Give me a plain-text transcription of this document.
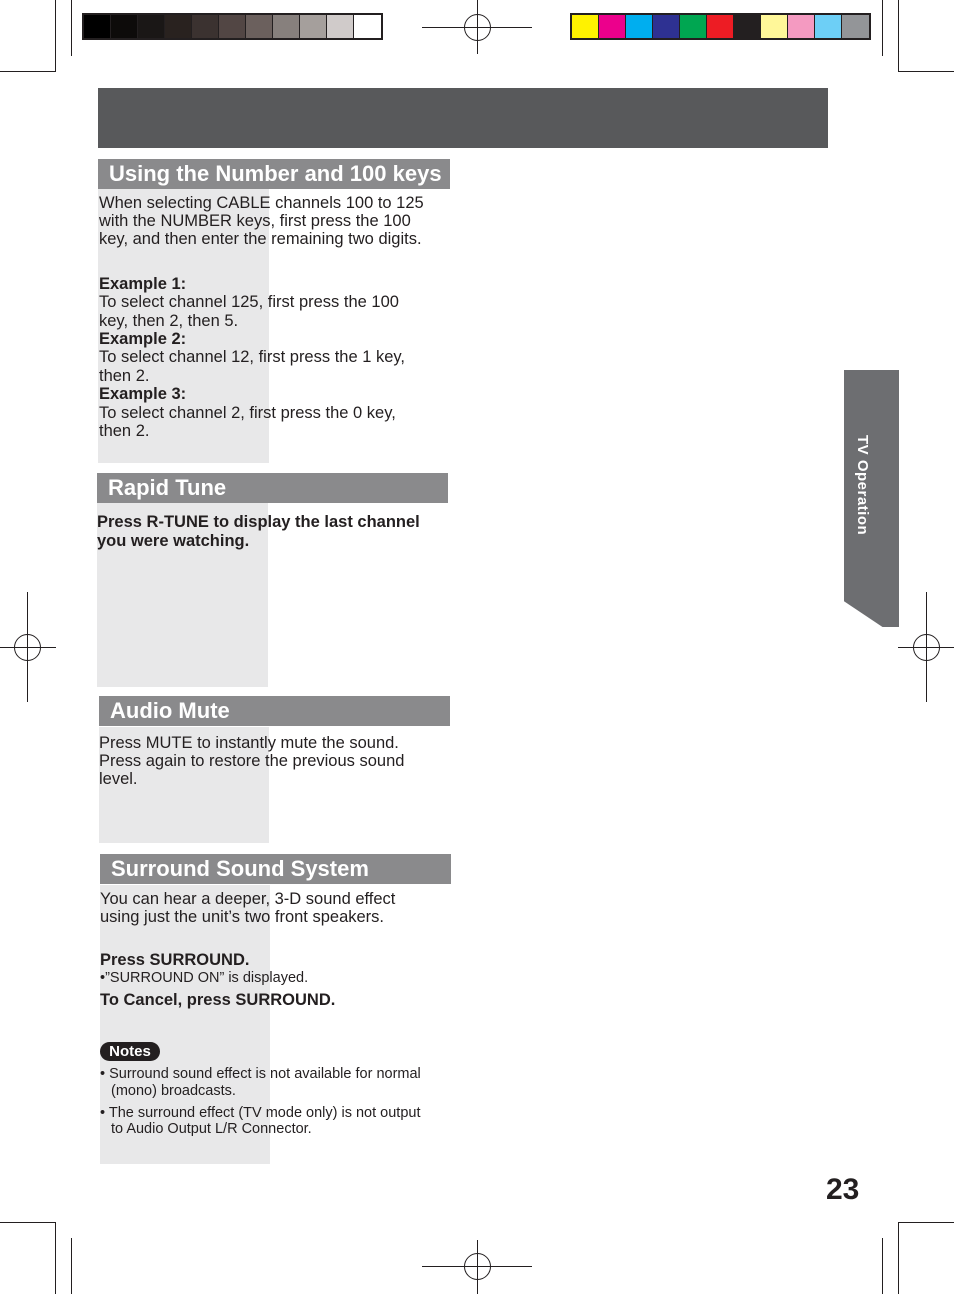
Using the Number and 100 keys
When selecting CABLE channels 100 to 125
with the NUMBER keys, first press the 100
key, and then enter the remaining two digits.
Example 1:
To select channel 125, first press the 100
key, then 2, then 5.
Example 2:
To select channel 12, first press the 1 key,
then 2.
Example 3:
To select channel 2, first press the 0 key,
then 2.
Rapid Tune
Press R-TUNE to display the last channel
you were watching.
Audio Mute
Press MUTE to instantly mute the sound.
Press again to restore the previous sound
level.
Surround Sound System
You can hear a deeper, 3-D sound effect
using just the unit’s two front speakers.
Press SURROUND.
•”SURROUND ON” is displayed.
To Cancel, press SURROUND.
Notes
• Surround sound effect is not available for normal
(mono) broadcasts.
• The surround effect (TV mode only) is not output
to Audio Output L/R Connector.
TV Operation
23
